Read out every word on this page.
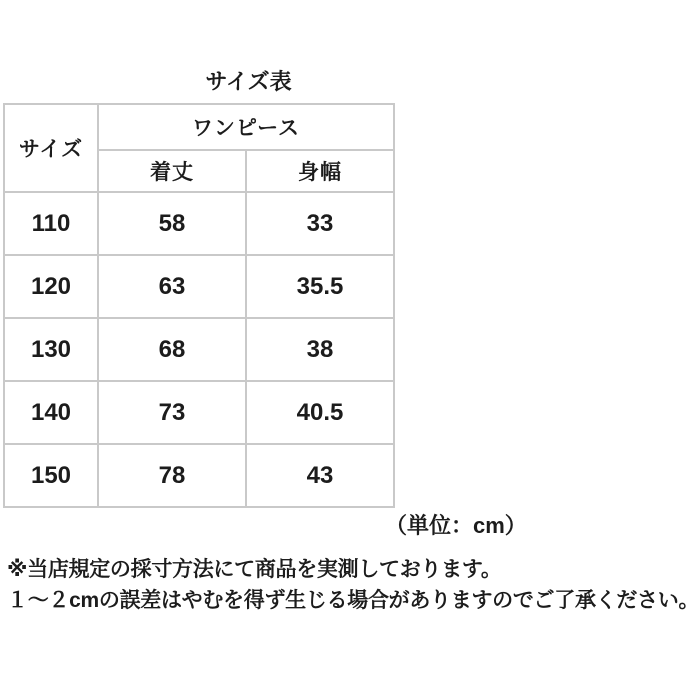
サイズ表
サイズ	ワンピース	
	着丈	身幅
110	58	33
120	63	35.5
130	68	38
140	73	40.5
150	78	43

（単位：cm）

※当店規定の採寸方法にて商品を実測しております。

１～２cmの誤差はやむを得ず生じる場合がありますのでご了承ください。
